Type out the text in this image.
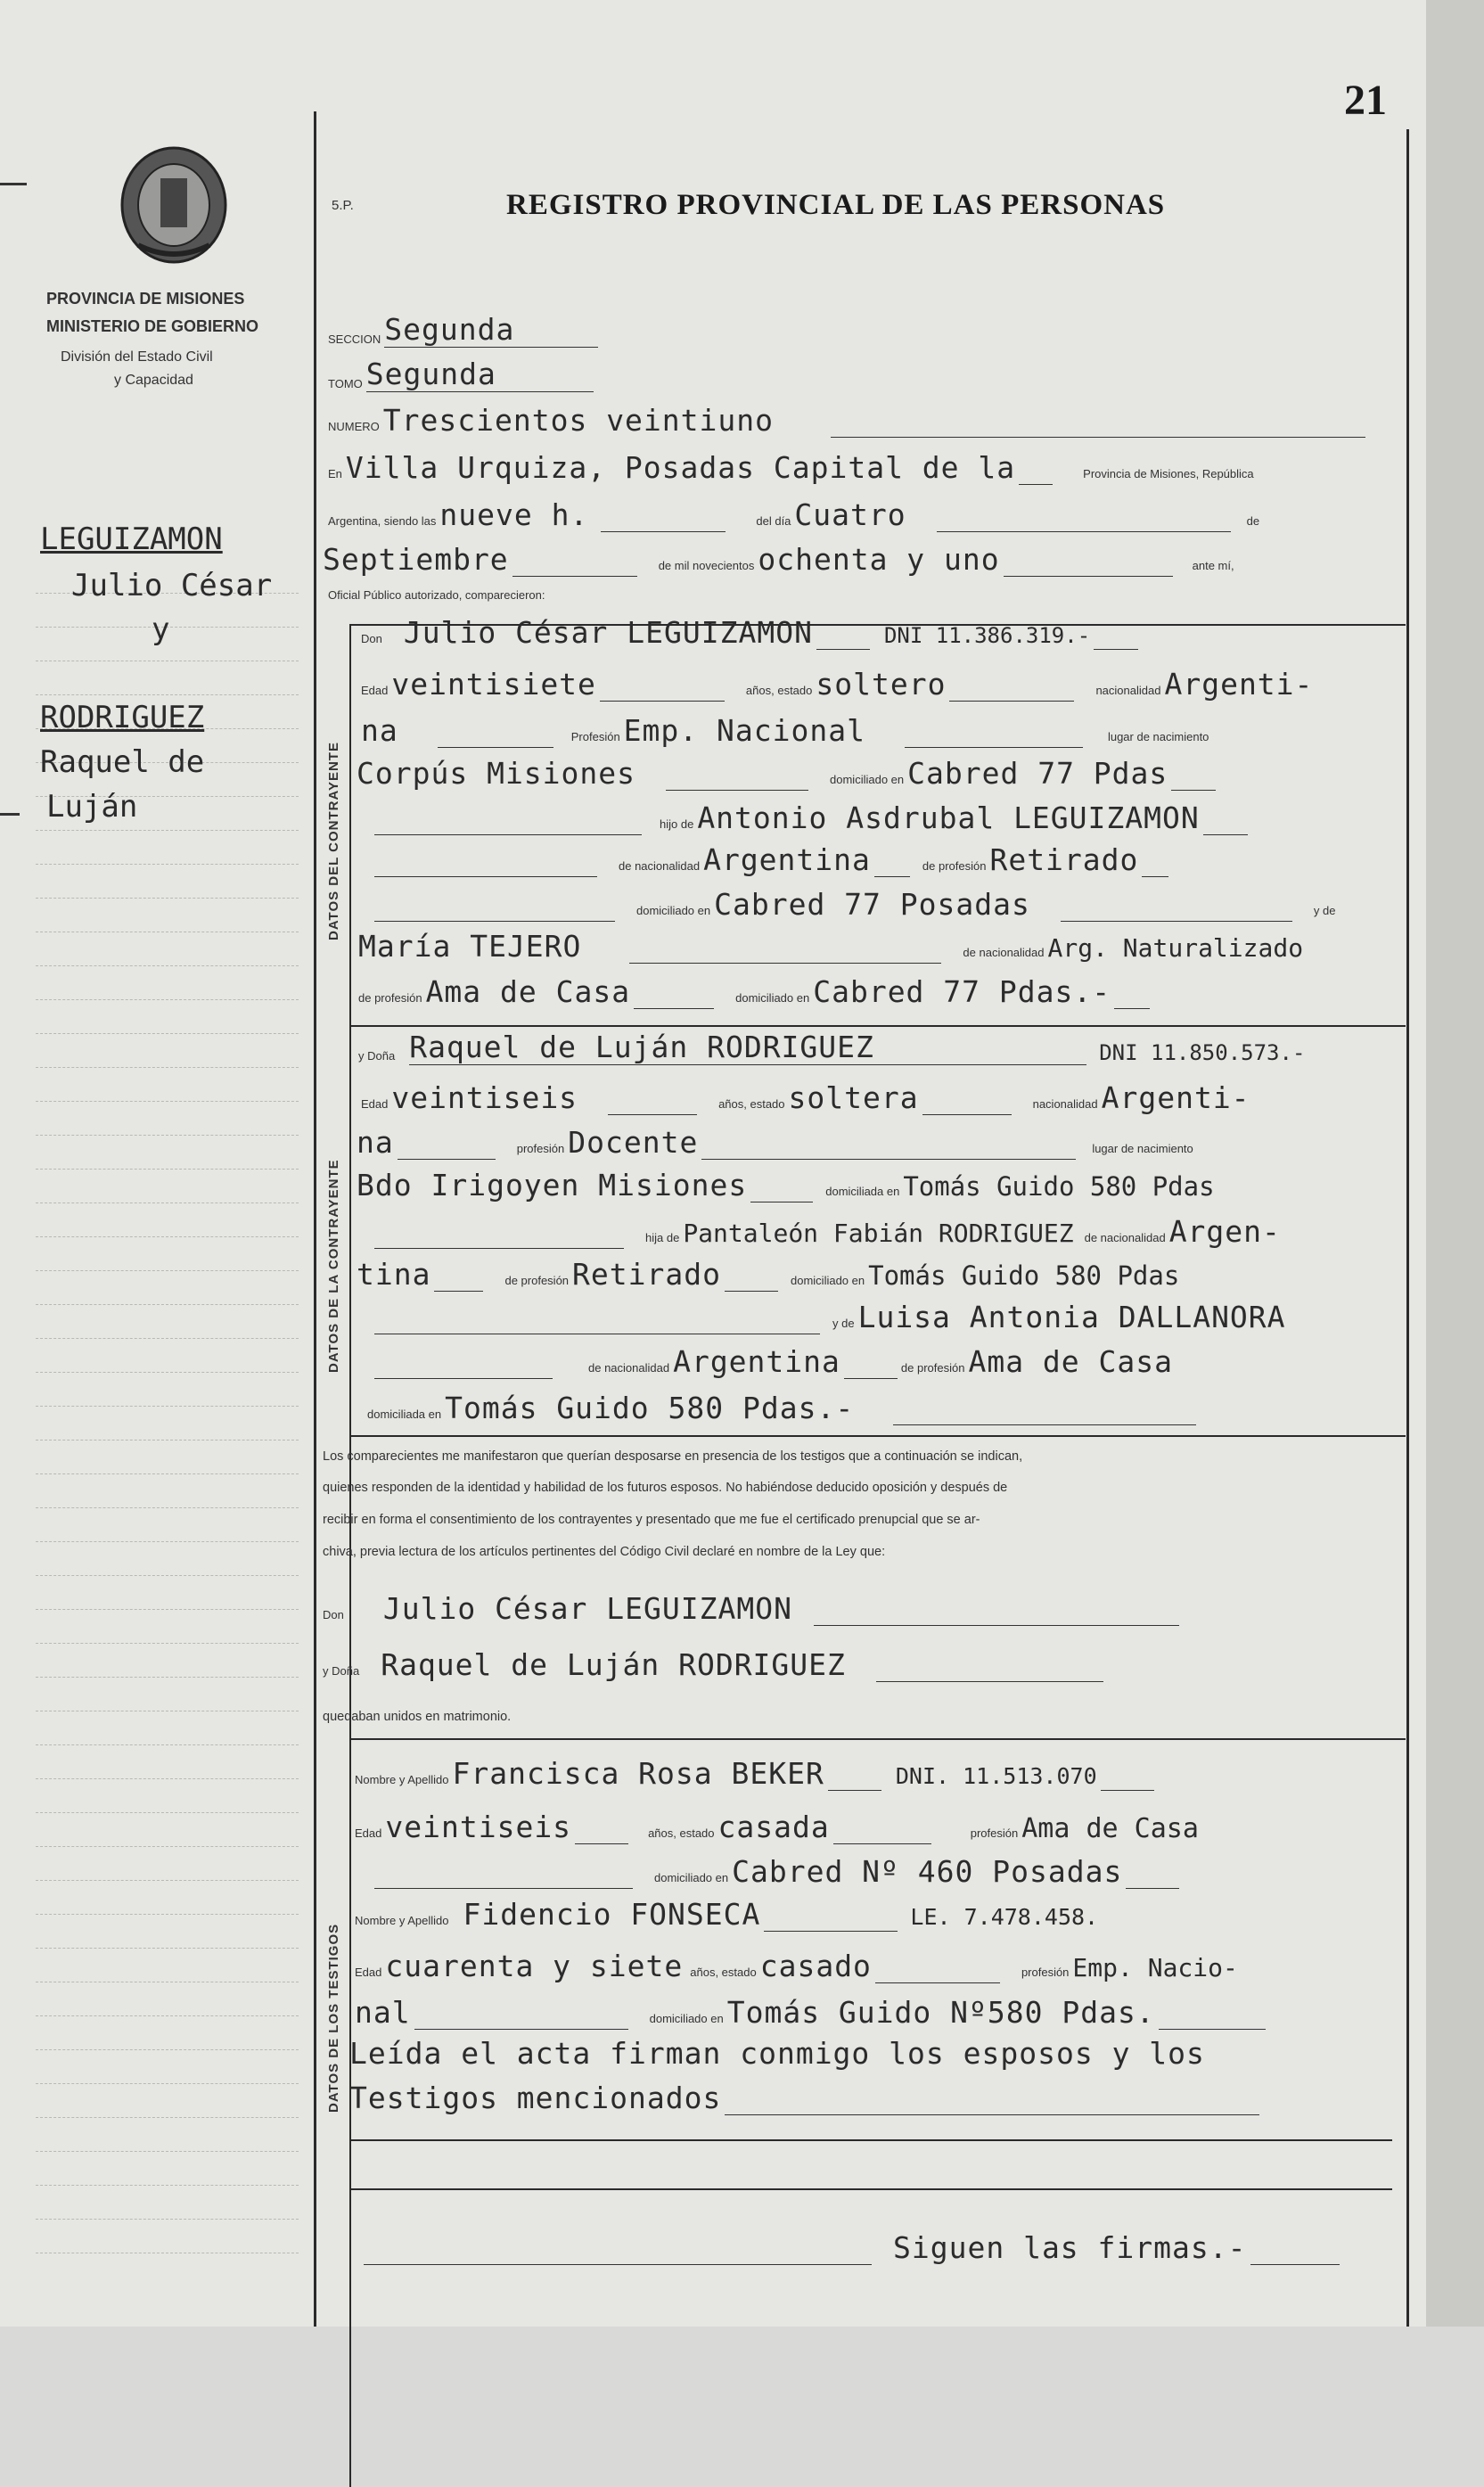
21
PROVINCIA DE MISIONES
MINISTERIO DE GOBIERNO
División del Estado Civil
y Capacidad
5.P.	REGISTRO PROVINCIAL DE LAS PERSONAS
LEGUIZAMON
Julio César
y
RODRIGUEZ
Raquel de
Luján
SECCION Segunda
TOMO Segunda
NUMERO Trescientos veintiuno
En Villa Urquiza, Posadas Capital de la	Provincia de Misiones, República
Argentina, siendo las nueve h.	del día Cuatro	de
Septiembre	de mil novecientos ochenta y uno	ante mí,
Oficial Público autorizado, comparecieron:
DATOS DEL CONTRAYENTE
Don Julio César LEGUIZAMON	DNI 11.386.319.-
Edad veintisiete	años, estado soltero	nacionalidad Argenti-
na	Profesión Emp. Nacional	lugar de nacimiento
Corpús Misiones	domiciliado en Cabred 77 Pdas
hijo de Antonio Asdrubal LEGUIZAMON
de nacionalidad Argentina	de profesión Retirado
domiciliado en Cabred 77 Posadas	y de
María TEJERO	de nacionalidad Arg. Naturalizado
de profesión Ama de Casa	domiciliado en Cabred 77 Pdas.-
DATOS DE LA CONTRAYENTE
y Doña Raquel de Luján RODRIGUEZ	DNI 11.850.573.-
Edad veintiseis	años, estado soltera	nacionalidad Argenti-
na	profesión Docente	lugar de nacimiento
Bdo Irigoyen Misiones	domiciliada en Tomás Guido 580 Pdas
hija de Pantaleón Fabián RODRIGUEZ de nacionalidad Argen-
tina	de profesión Retirado	domiciliado en Tomás Guido 580 Pdas
y de Luisa Antonia DALLANORA
de nacionalidad Argentina	de profesión Ama de Casa
domiciliada en Tomás Guido 580 Pdas.-
Los comparecientes me manifestaron que querían desposarse en presencia de los testigos que a continuación se indican,
quienes responden de la identidad y habilidad de los futuros esposos. No habiéndose deducido oposición y después de
recibir en forma el consentimiento de los contrayentes y presentado que me fue el certificado prenupcial que se ar-
chiva, previa lectura de los artículos pertinentes del Código Civil declaré en nombre de la Ley que:
Don Julio César LEGUIZAMON
y Doña Raquel de Luján RODRIGUEZ
quedaban unidos en matrimonio.
DATOS DE LOS TESTIGOS
Nombre y Apellido Francisca Rosa BEKER	DNI. 11.513.070
Edad veintiseis	años, estado casada	profesión Ama de Casa
domiciliado en Cabred Nº 460 Posadas
Nombre y Apellido Fidencio FONSECA	LE. 7.478.458.
Edad cuarenta y siete años, estado casado	profesión Emp. Nacio-
nal	domiciliado en Tomás Guido Nº580 Pdas.
Leída el acta firman conmigo los esposos y los
Testigos mencionados
Siguen las firmas.-
